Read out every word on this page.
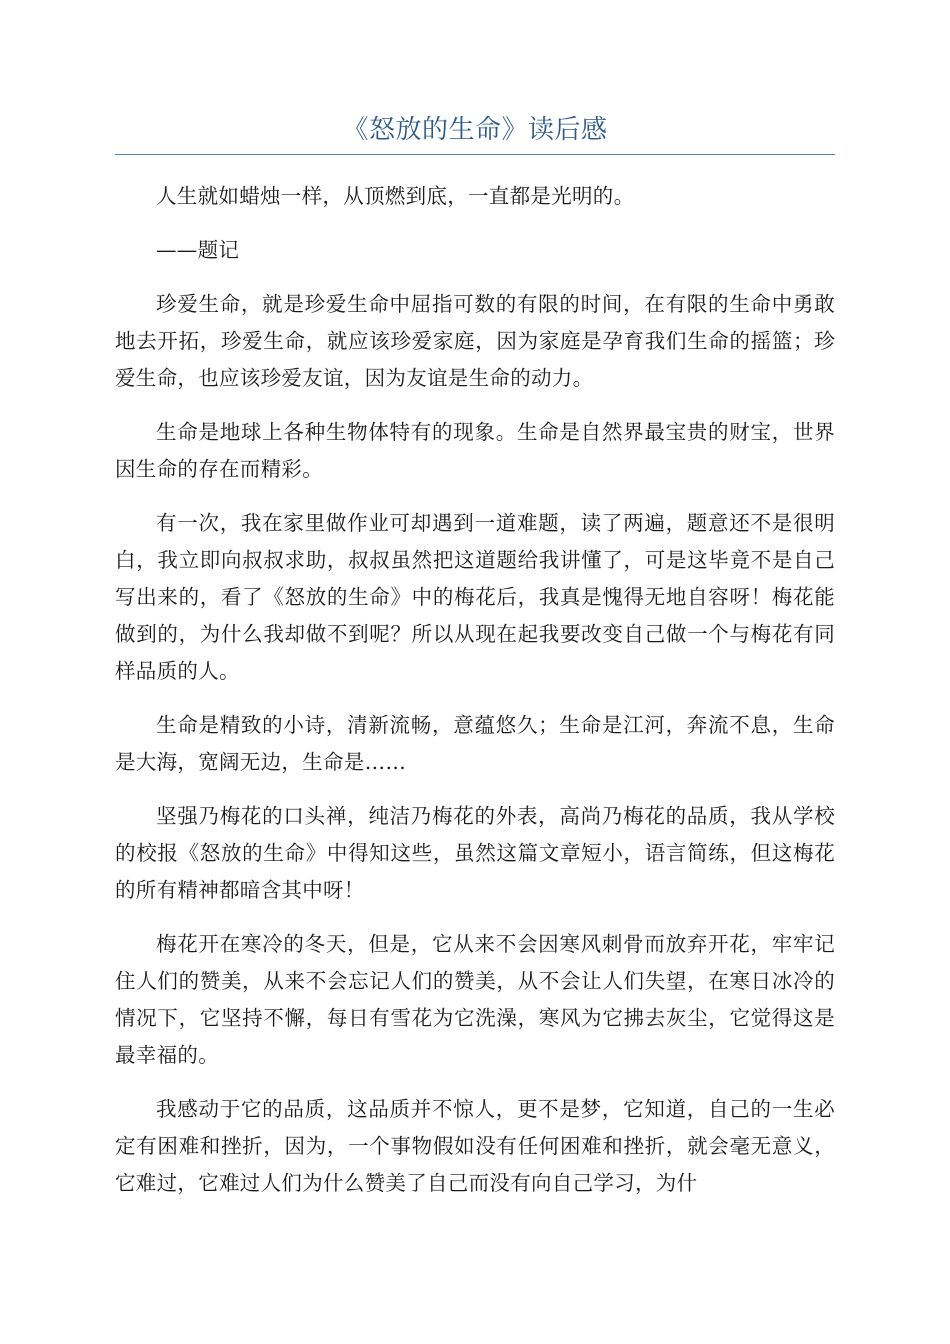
《怒放的生命》读后感

人生就如蜡烛一样，从顶燃到底，一直都是光明的。

——题记

珍爱生命，就是珍爱生命中屈指可数的有限的时间，在有限的生命中勇敢地去开拓，珍爱生命，就应该珍爱家庭，因为家庭是孕育我们生命的摇篮；珍爱生命，也应该珍爱友谊，因为友谊是生命的动力。

生命是地球上各种生物体特有的现象。生命是自然界最宝贵的财宝，世界因生命的存在而精彩。

有一次，我在家里做作业可却遇到一道难题，读了两遍，题意还不是很明白，我立即向叔叔求助，叔叔虽然把这道题给我讲懂了，可是这毕竟不是自己写出来的，看了《怒放的生命》中的梅花后，我真是愧得无地自容呀！梅花能做到的，为什么我却做不到呢？所以从现在起我要改变自己做一个与梅花有同样品质的人。

生命是精致的小诗，清新流畅，意蕴悠久；生命是江河，奔流不息，生命是大海，宽阔无边，生命是……

坚强乃梅花的口头禅，纯洁乃梅花的外表，高尚乃梅花的品质，我从学校的校报《怒放的生命》中得知这些，虽然这篇文章短小，语言简练，但这梅花的所有精神都暗含其中呀！

梅花开在寒冷的冬天，但是，它从来不会因寒风刺骨而放弃开花，牢牢记住人们的赞美，从来不会忘记人们的赞美，从不会让人们失望，在寒日冰冷的情况下，它坚持不懈，每日有雪花为它洗澡，寒风为它拂去灰尘，它觉得这是最幸福的。

我感动于它的品质，这品质并不惊人，更不是梦，它知道，自己的一生必定有困难和挫折，因为，一个事物假如没有任何困难和挫折，就会毫无意义，它难过，它难过人们为什么赞美了自己而没有向自己学习，为什
